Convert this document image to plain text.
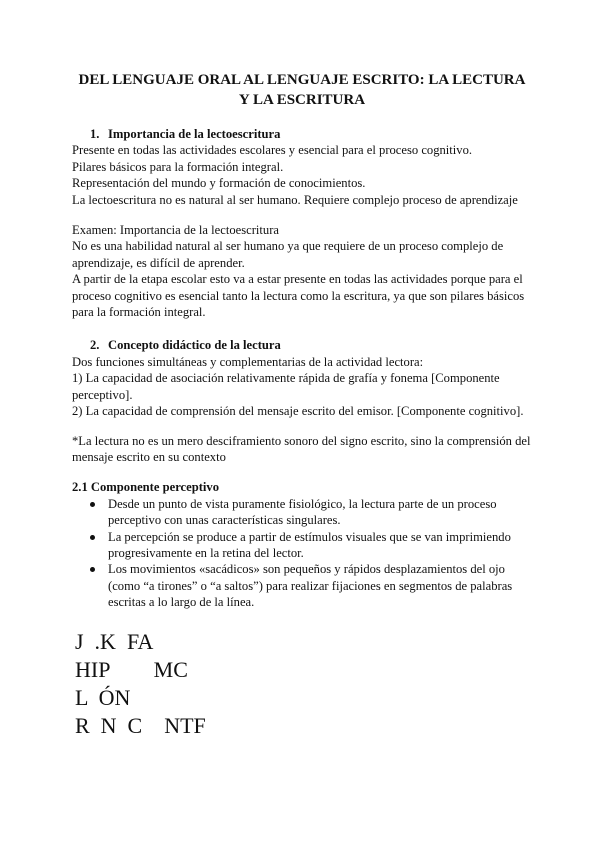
DEL LENGUAJE ORAL AL LENGUAJE ESCRITO: LA LECTURA Y LA ESCRITURA

1. Importancia de la lectoescritura

Presente en todas las actividades escolares y esencial para el proceso cognitivo.

Pilares básicos para la formación integral.

Representación del mundo y formación de conocimientos.

La lectoescritura no es natural al ser humano. Requiere complejo proceso de aprendizaje

Examen: Importancia de la lectoescritura

No es una habilidad natural al ser humano ya que requiere de un proceso complejo de aprendizaje, es difícil de aprender.

A partir de la etapa escolar esto va a estar presente en todas las actividades porque para el proceso cognitivo es esencial tanto la lectura como la escritura, ya que son pilares básicos para la formación integral.

2. Concepto didáctico de la lectura

Dos funciones simultáneas y complementarias de la actividad lectora:

1) La capacidad de asociación relativamente rápida de grafía y fonema [Componente perceptivo].

2) La capacidad de comprensión del mensaje escrito del emisor. [Componente cognitivo].

*La lectura no es un mero desciframiento sonoro del signo escrito, sino la comprensión del mensaje escrito en su contexto

2.1 Componente perceptivo

Desde un punto de vista puramente fisiológico, la lectura parte de un proceso perceptivo con unas características singulares.
La percepción se produce a partir de estímulos visuales que se van imprimiendo progresivamente en la retina del lector.
Los movimientos «sacádicos» son pequeños y rápidos desplazamientos del ojo (como “a tirones” o “a saltos”) para realizar fijaciones en segmentos de palabras escritas a lo largo de la línea.
J  .K  FA
HIP        MC
L  ÓN
R  N  C    NTF
